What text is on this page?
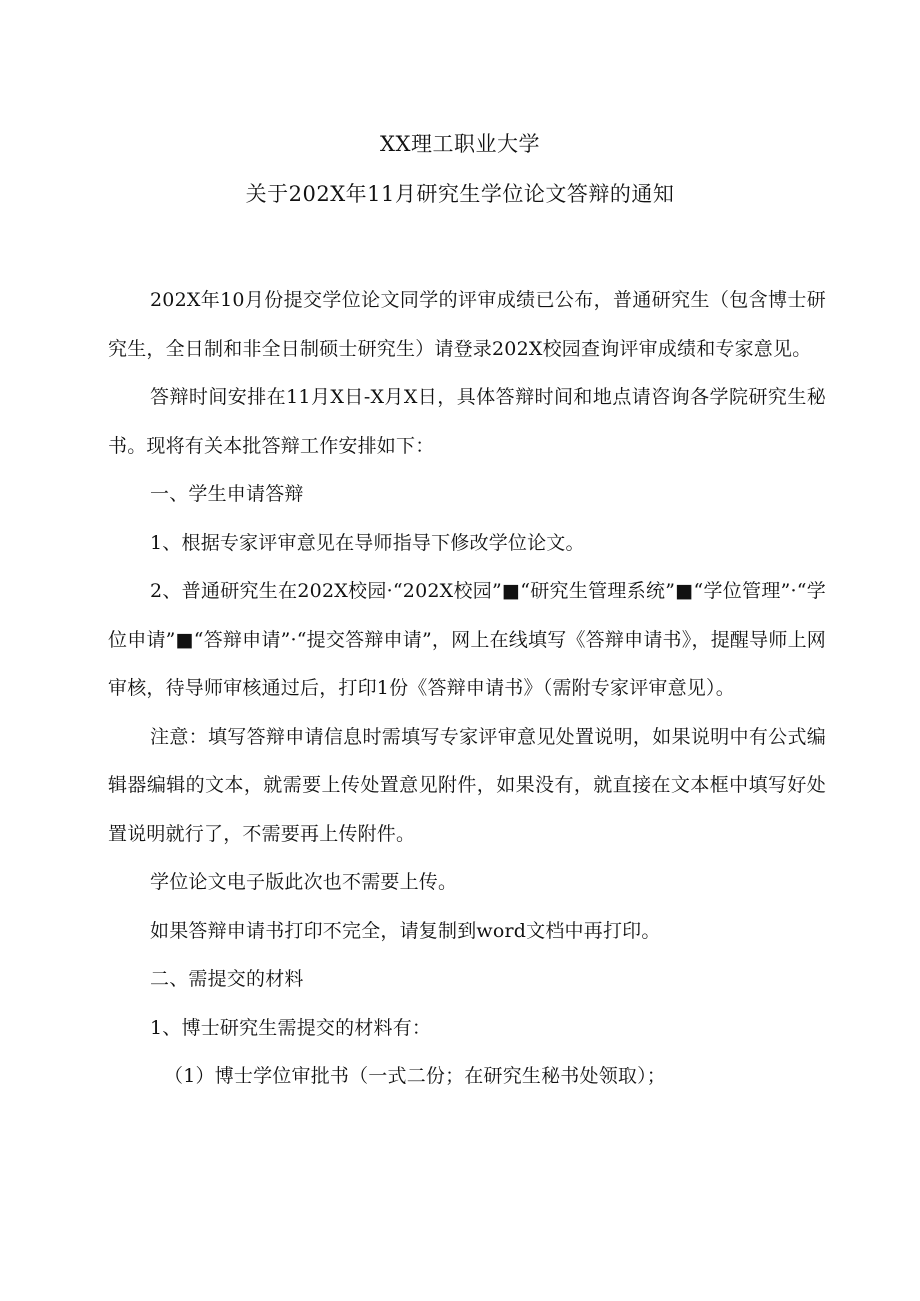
XX理工职业大学
关于202X年11月研究生学位论文答辩的通知

202X年10月份提交学位论文同学的评审成绩已公布，普通研究生（包含博士研究生，全日制和非全日制硕士研究生）请登录202X校园查询评审成绩和专家意见。

答辩时间安排在11月X日-X月X日，具体答辩时间和地点请咨询各学院研究生秘书。现将有关本批答辩工作安排如下：

一、学生申请答辩

1、根据专家评审意见在导师指导下修改学位论文。

2、普通研究生在202X校园·“202X校园”■“研究生管理系统”■“学位管理”·“学位申请”■“答辩申请”·“提交答辩申请”，网上在线填写《答辩申请书》，提醒导师上网审核，待导师审核通过后，打印1份《答辩申请书》（需附专家评审意见）。

注意：填写答辩申请信息时需填写专家评审意见处置说明，如果说明中有公式编辑器编辑的文本，就需要上传处置意见附件，如果没有，就直接在文本框中填写好处置说明就行了，不需要再上传附件。

学位论文电子版此次也不需要上传。

如果答辩申请书打印不完全，请复制到word文档中再打印。

二、需提交的材料

1、博士研究生需提交的材料有：

（1）博士学位审批书（一式二份；在研究生秘书处领取）；
